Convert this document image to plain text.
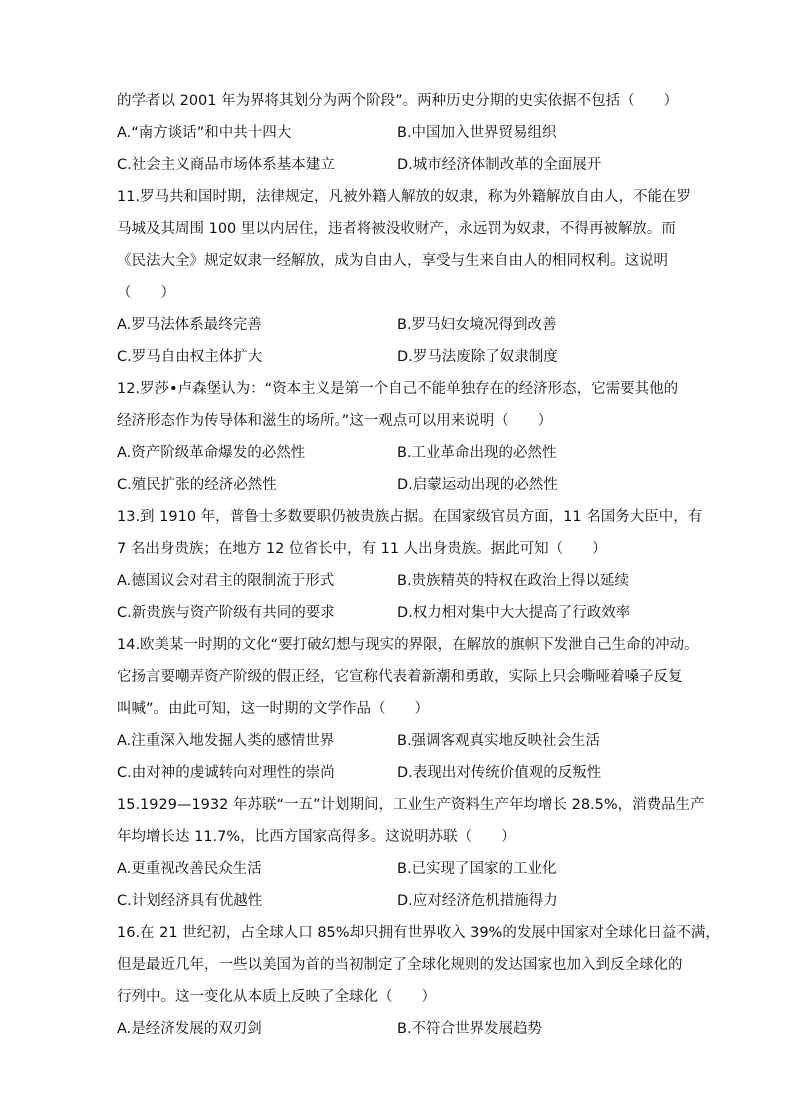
的学者以 2001 年为界将其划分为两个阶段”。两种历史分期的史实依据不包括（　　）
A.“南方谈话”和中共十四大	B.中国加入世界贸易组织
C.社会主义商品市场体系基本建立	D.城市经济体制改革的全面展开
11.罗马共和国时期，法律规定，凡被外籍人解放的奴隶，称为外籍解放自由人，不能在罗
马城及其周围 100 里以内居住，违者将被没收财产，永远罚为奴隶，不得再被解放。而
《民法大全》规定奴隶一经解放，成为自由人，享受与生来自由人的相同权利。这说明
（　　）
A.罗马法体系最终完善	B.罗马妇女境况得到改善
C.罗马自由权主体扩大	D.罗马法废除了奴隶制度
12.罗莎•卢森堡认为：“资本主义是第一个自己不能单独存在的经济形态，它需要其他的
经济形态作为传导体和滋生的场所。”这一观点可以用来说明（　　）
A.资产阶级革命爆发的必然性	B.工业革命出现的必然性
C.殖民扩张的经济必然性	D.启蒙运动出现的必然性
13.到 1910 年，普鲁士多数要职仍被贵族占据。在国家级官员方面，11 名国务大臣中，有
7 名出身贵族；在地方 12 位省长中，有 11 人出身贵族。据此可知（　　）
A.德国议会对君主的限制流于形式	B.贵族精英的特权在政治上得以延续
C.新贵族与资产阶级有共同的要求	D.权力相对集中大大提高了行政效率
14.欧美某一时期的文化“要打破幻想与现实的界限，在解放的旗帜下发泄自己生命的冲动。
它扬言要嘲弄资产阶级的假正经，它宣称代表着新潮和勇敢，实际上只会嘶哑着嗓子反复
叫喊”。由此可知，这一时期的文学作品（　　）
A.注重深入地发掘人类的感情世界	B.强调客观真实地反映社会生活
C.由对神的虔诚转向对理性的崇尚	D.表现出对传统价值观的反叛性
15.1929—1932 年苏联“一五”计划期间，工业生产资料生产年均增长 28.5%，消费品生产
年均增长达 11.7%，比西方国家高得多。这说明苏联（　　）
A.更重视改善民众生活	B.已实现了国家的工业化
C.计划经济具有优越性	D.应对经济危机措施得力
16.在 21 世纪初，占全球人口 85%却只拥有世界收入 39%的发展中国家对全球化日益不满，
但是最近几年，一些以美国为首的当初制定了全球化规则的发达国家也加入到反全球化的
行列中。这一变化从本质上反映了全球化（　　）
A.是经济发展的双刃剑	B.不符合世界发展趋势
